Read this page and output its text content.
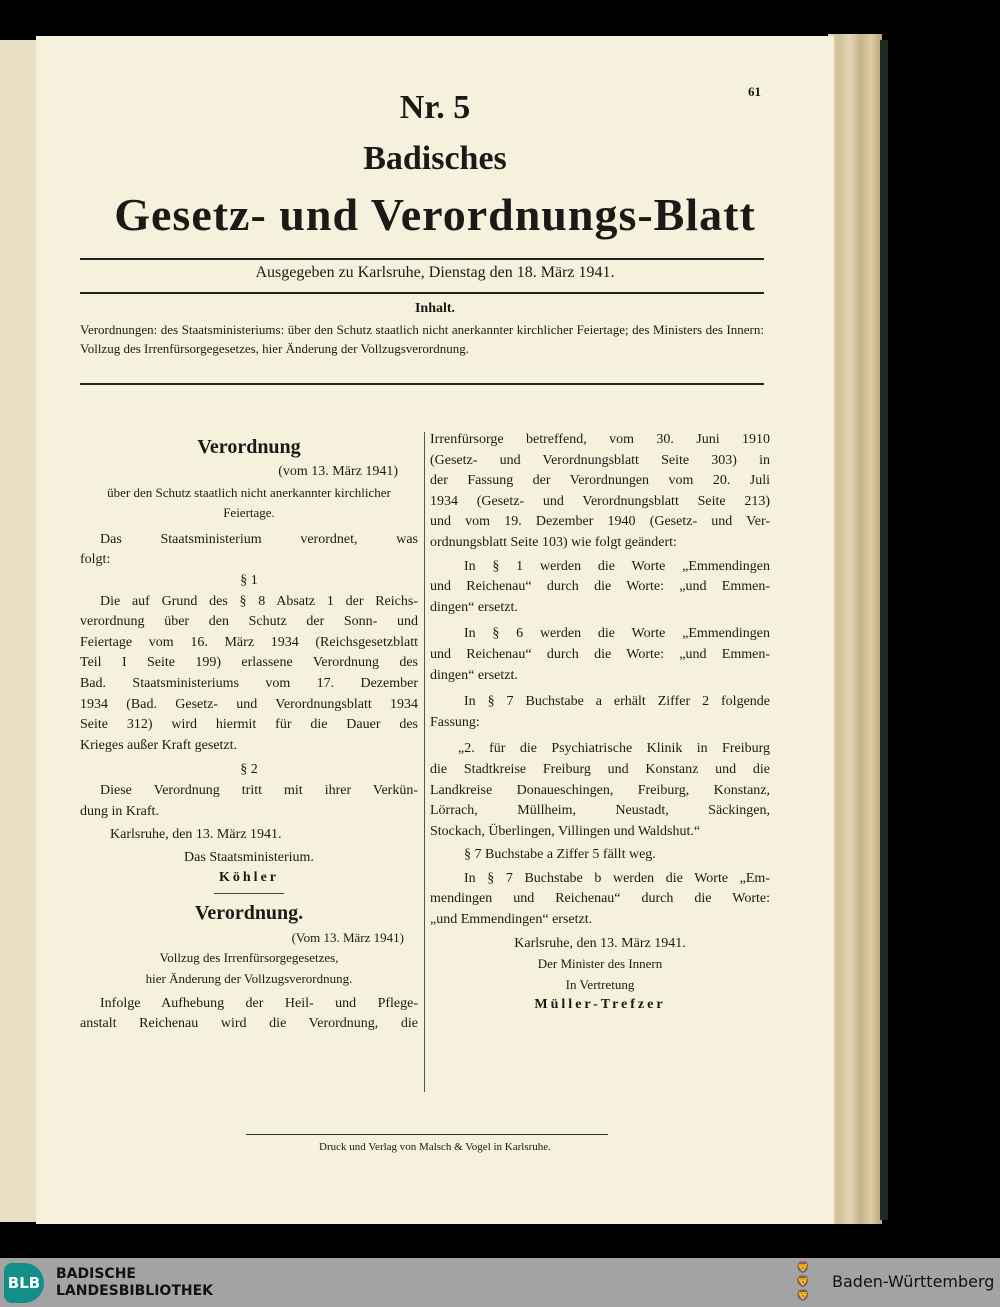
61
Nr. 5
Badisches
Gesetz- und Verordnungs-Blatt
Ausgegeben zu Karlsruhe, Dienstag den 18. März 1941.
Inhalt.
Verordnungen: des Staatsministeriums: über den Schutz staatlich nicht anerkannter kirchlicher Feiertage; des Ministers des Innern: Vollzug des Irrenfürsorgegesetzes, hier Änderung der Vollzugsverordnung.
Verordnung
(vom 13. März 1941)
über den Schutz staatlich nicht anerkannter kirchlicher
Feiertage.
Das Staatsministerium verordnet, was
folgt:
§ 1
Die auf Grund des § 8 Absatz 1 der Reichs-
verordnung über den Schutz der Sonn- und
Feiertage vom 16. März 1934 (Reichsgesetzblatt
Teil I Seite 199) erlassene Verordnung des
Bad. Staatsministeriums vom 17. Dezember
1934 (Bad. Gesetz- und Verordnungsblatt 1934
Seite 312) wird hiermit für die Dauer des
Krieges außer Kraft gesetzt.
§ 2
Diese Verordnung tritt mit ihrer Verkün-
dung in Kraft.
Karlsruhe, den 13. März 1941.
Das Staatsministerium.
Köhler
Verordnung.
(Vom 13. März 1941)
Vollzug des Irrenfürsorgegesetzes,
hier Änderung der Vollzugsverordnung.
Infolge Aufhebung der Heil- und Pflege-
anstalt Reichenau wird die Verordnung, die
Irrenfürsorge betreffend, vom 30. Juni 1910
(Gesetz- und Verordnungsblatt Seite 303) in
der Fassung der Verordnungen vom 20. Juli
1934 (Gesetz- und Verordnungsblatt Seite 213)
und vom 19. Dezember 1940 (Gesetz- und Ver-
ordnungsblatt Seite 103) wie folgt geändert:
In § 1 werden die Worte „Emmendingen
und Reichenau“ durch die Worte: „und Emmen-
dingen“ ersetzt.
In § 6 werden die Worte „Emmendingen
und Reichenau“ durch die Worte: „und Emmen-
dingen“ ersetzt.
In § 7 Buchstabe a erhält Ziffer 2 folgende
Fassung:
„2. für die Psychiatrische Klinik in Freiburg
die Stadtkreise Freiburg und Konstanz und die
Landkreise Donaueschingen, Freiburg, Konstanz,
Lörrach, Müllheim, Neustadt, Säckingen,
Stockach, Überlingen, Villingen und Waldshut.“
§ 7 Buchstabe a Ziffer 5 fällt weg.
In § 7 Buchstabe b werden die Worte „Em-
mendingen und Reichenau“ durch die Worte:
„und Emmendingen“ ersetzt.
Karlsruhe, den 13. März 1941.
Der Minister des Innern
In Vertretung
Müller-Trefzer
Druck und Verlag von Malsch & Vogel in Karlsruhe.
BLB BADISCHE
LANDESBIBLIOTHEK
🦁
🦁
🦁
Baden-Württemberg
